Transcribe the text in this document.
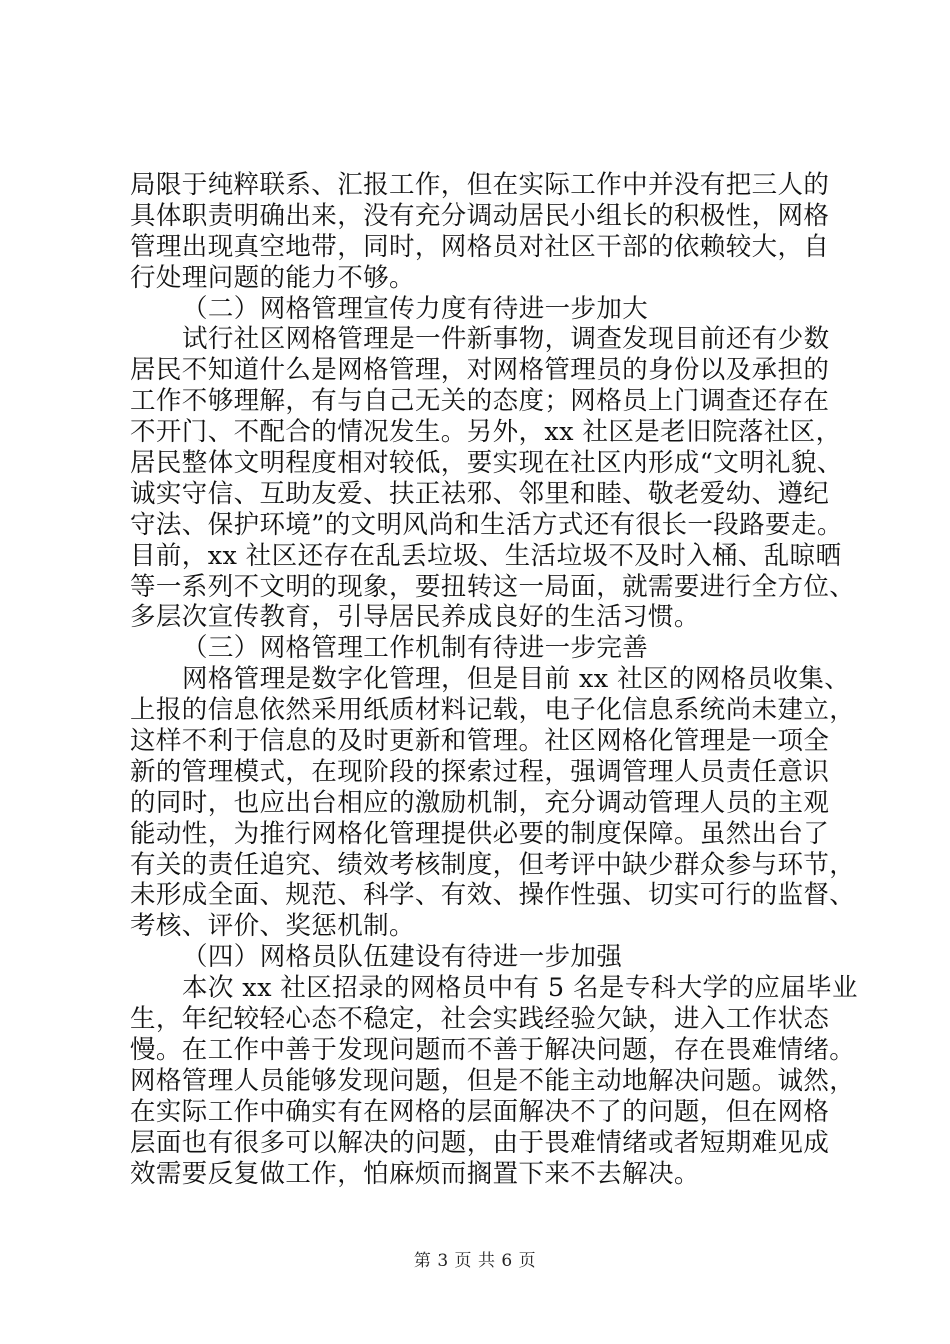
局限于纯粹联系、汇报工作，但在实际工作中并没有把三人的
具体职责明确出来，没有充分调动居民小组长的积极性，网格
管理出现真空地带，同时，网格员对社区干部的依赖较大，自
行处理问题的能力不够。
（二）网格管理宣传力度有待进一步加大
试行社区网格管理是一件新事物，调查发现目前还有少数
居民不知道什么是网格管理，对网格管理员的身份以及承担的
工作不够理解，有与自己无关的态度；网格员上门调查还存在
不开门、不配合的情况发生。另外，xx 社区是老旧院落社区，
居民整体文明程度相对较低，要实现在社区内形成“文明礼貌、
诚实守信、互助友爱、扶正祛邪、邻里和睦、敬老爱幼、遵纪
守法、保护环境”的文明风尚和生活方式还有很长一段路要走。
目前，xx 社区还存在乱丢垃圾、生活垃圾不及时入桶、乱晾晒
等一系列不文明的现象，要扭转这一局面，就需要进行全方位、
多层次宣传教育，引导居民养成良好的生活习惯。
（三）网格管理工作机制有待进一步完善
网格管理是数字化管理，但是目前 xx 社区的网格员收集、
上报的信息依然采用纸质材料记载，电子化信息系统尚未建立，
这样不利于信息的及时更新和管理。社区网格化管理是一项全
新的管理模式，在现阶段的探索过程，强调管理人员责任意识
的同时，也应出台相应的激励机制，充分调动管理人员的主观
能动性，为推行网格化管理提供必要的制度保障。虽然出台了
有关的责任追究、绩效考核制度，但考评中缺少群众参与环节，
未形成全面、规范、科学、有效、操作性强、切实可行的监督、
考核、评价、奖惩机制。
（四）网格员队伍建设有待进一步加强
本次 xx 社区招录的网格员中有 5 名是专科大学的应届毕业
生，年纪较轻心态不稳定，社会实践经验欠缺，进入工作状态
慢。在工作中善于发现问题而不善于解决问题，存在畏难情绪。
网格管理人员能够发现问题，但是不能主动地解决问题。诚然，
在实际工作中确实有在网格的层面解决不了的问题，但在网格
层面也有很多可以解决的问题，由于畏难情绪或者短期难见成
效需要反复做工作，怕麻烦而搁置下来不去解决。
第 3 页 共 6 页
